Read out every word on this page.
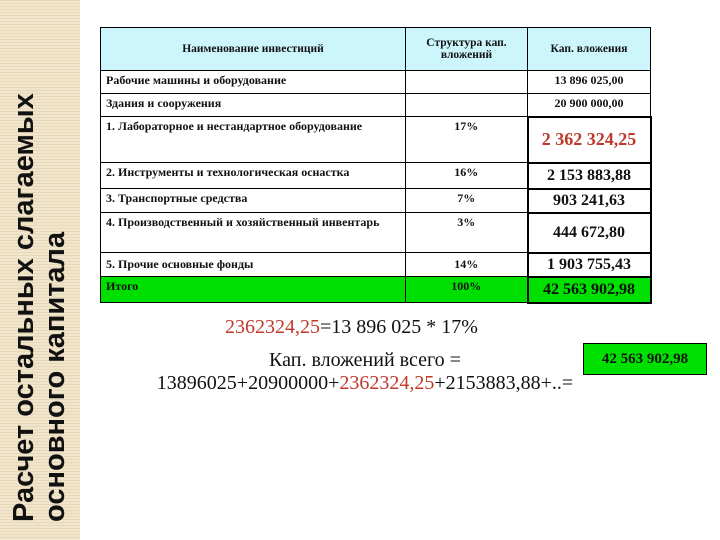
Расчет остальных слагаемых основного капитала
Наименование инвестиций	Структура кап. вложений	Кап. вложения
Рабочие машины и оборудование		13 896 025,00
Здания и сооружения		20 900 000,00
1. Лабораторное и нестандартное оборудование	17%	2 362 324,25
2. Инструменты и технологическая оснастка	16%	2 153 883,88
3. Транспортные средства	7%	903 241,63
4. Производственный и хозяйственный инвентарь	3%	444 672,80
5. Прочие основные фонды	14%	1 903 755,43
Итого	100%	42 563 902,98
2362324,25=13 896 025 * 17%
Кап. вложений всего =
13896025+20900000+2362324,25+2153883,88+..=
42 563 902,98
